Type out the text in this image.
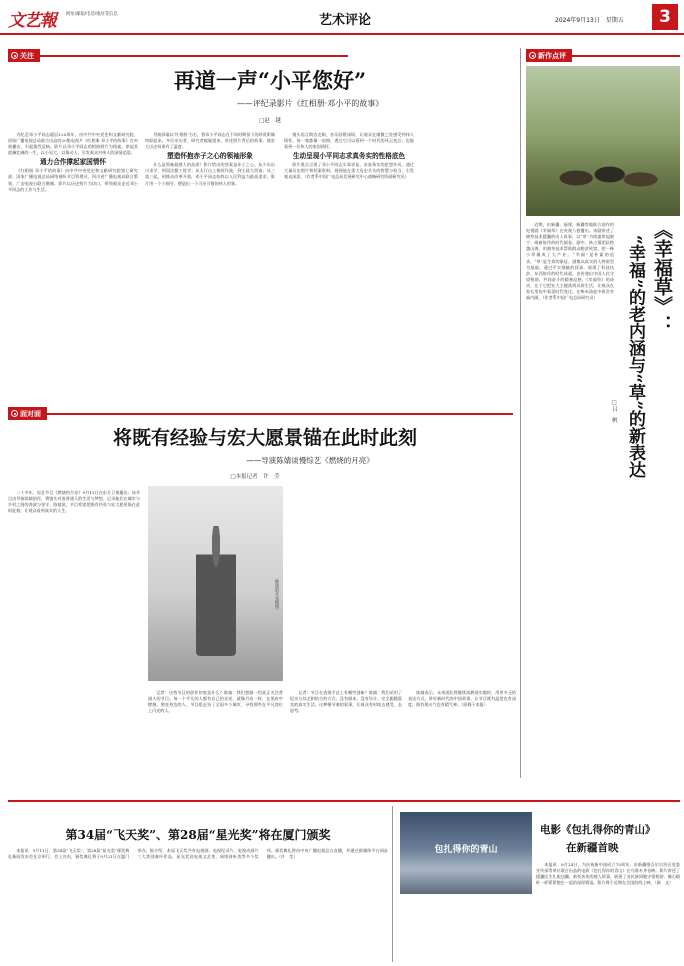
文艺報 网址/邮箱/电话/地址等信息	艺术评论	2024年9月13日　星期五	3
关注
再道一声“小平您好”
——评纪录影片《红相册·邓小平的故事》
□赵　越

为纪念邓小平同志诞辰120周年，由中共中央党史和文献研究院、国家广播电视总局联合出品的20集电视片《红相册·邓小平的故事》在央视播出，引起强烈反响。影片以邓小平同志的相册照片为线索，串起其波澜壮阔的一生，以小见大，以情动人，引发观众对伟人的深情追思。

通力合作撑起家国情怀

《红相册·邓小平的故事》由中共中央党史和文献研究院第七研究部、国家广播电视总局网络视听节目管理司、四川省广播电视局联合策划，广安电视台联合摄制。影片以历史照片为切口，带领观众走近邓小平同志的工作与生活。

导演郭瑜以‘红相册’为名，将邓小平同志在不同时期留下的珍贵影像串联起来。多位亲历者、研究者娓娓道来，讲述照片背后的故事，使宏大历史叙事有了温度。

塑造怀抱赤子之心的领袖形象

什么是领袖最感人的品质？影片给出的答案是赤子之心。从少年出川求学，到留法勤工俭学；从太行山上指挥作战，到主政大西南；从三落三起，到推动改革开放，邓小平同志始终以人民利益为最高追求。影片用一个个细节，塑造出一个可亲可敬的伟人形象。

镜头语言简洁克制，音乐舒缓深情，让观众在细微之处感受到伟人情怀。每一集都像一扇窗，透过它可以看到一个时代的风云变幻，也能看到一位伟人的家国情怀。

生动呈现小平同志求真务实的性格底色

影片重点呈现了邓小平同志实事求是、求真务实的思想作风，通过大量历史照片和档案资料，展现他在重大历史关头的智慧与担当，引发观众深思。（作者系中国广电总局发展研究中心战略研究所副研究员）

新作点评
《幸福草》：
“幸福”的老内涵与“草”的新表达
□吕　帆

近期，由新疆、福建、新疆等地联合创作的电视剧《幸福草》在央视八套播出。该剧讲述了菌草技术援疆的动人故事，以“草”为线索串起闽宁、闽新协作的时代画卷。剧中，林占熺团队跨越山海，用菌草技术帮助群众脱贫致富，把一株小草做成了大产业。“幸福”是朴素的追求，“草”是生命的象征。剧集以真实的人物原型为基础，通过平实细腻的叙事，展现了科技扶贫、东西协作的时代成就，也传递出中国人民守望相助、共同奋斗的精神品格。《幸福草》的成功，在于它把宏大主题落到具体生活，让观众在家长里短中看见时代变迁，在柴米油盐中体会幸福内涵。（作者系中国广电总局研究员）

面对面
将既有经验与宏大愿景锚在此时此刻
——导演陈婧谈慢综艺《燃烧的月亮》
□本报记者　许　莹

二十多年，综艺节目《燃烧的月亮》9月13日在东方卫视播出。该节目由导演陈婧创作，将镜头对准普通人的生活与梦想，记录他们在城市与乡村之间的奔波与坚守。陈婧说，节目希望把既有经验与宏大愿景锚在此时此刻，让观众看到真实的人生。

（燃烧的月亮剧照）

记者：这档节目的创作初衷是什么？陈婧：我们想做一档真正关注普通人的节目。每一个平凡的人都有自己的光亮，就像月亮一样，在黑夜中燃烧，照亮身边的人。节目组走访了全国多个城市，寻找那些在平凡岗位上闪光的人。

记者：节目在表现手法上有哪些创新？陈婧：我们采用了纪实与综艺相结合的方式，没有剧本，没有设计，完全跟随嘉宾的真实生活。这种慢节奏的叙事，让观众有时间去感受、去思考。

陈婧表示，未来团队将继续深耕现实题材，用更多元的表达方式，讲好新时代的中国故事，让节目既有温度也有深度，既有烟火气也有精气神。（原载于本报）

第34届“飞天奖”、第28届“星光奖”将在厦门颁奖

本报讯　9月11日，第34届“飞天奖”、第28届“星光奖”颁奖典礼新闻发布会在京举行。会上宣布，颁奖典礼将于9月21日在厦门举办。据介绍，本届飞天奖共有电视剧、电视纪录片、电视动画片三大类别参评作品，星光奖设电视文艺类、网络视听类等多个奖项。颁奖典礼将由中央广播电视总台直播，并通过新媒体平台同步播出。（许　莹）

电影《包扎得你的青山》
在新疆首映
包扎得你的青山

本报讯　8月24日，为庆祝新中国成立75周年，由新疆维吾尔自治区党委宣传部等单位联合出品的电影《包扎得你的青山》在乌鲁木齐首映。影片讲述了援疆医生扎根边疆、救死扶伤的感人故事，展现了各民族同胞守望相助、像石榴籽一样紧紧抱在一起的深厚情谊。影片将于近期在全国院线上映。（新　文）
